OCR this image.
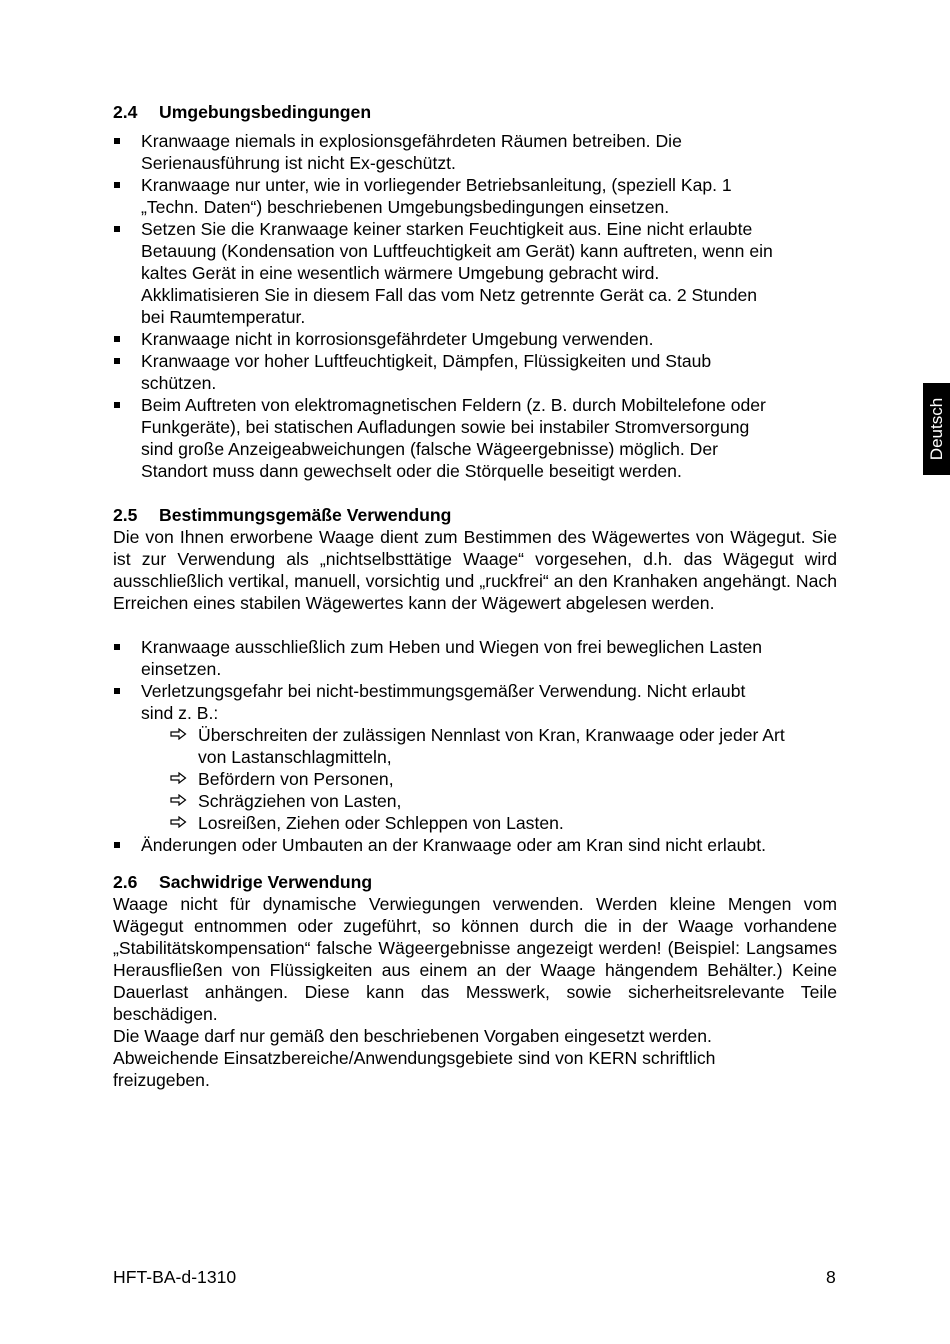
Deutsch
2.4 Umgebungsbedingungen
Kranwaage niemals in explosionsgefährdeten Räumen betreiben. Die
Serienausführung ist nicht Ex-geschützt.
Kranwaage nur unter, wie in vorliegender Betriebsanleitung, (speziell Kap. 1
„Techn. Daten“) beschriebenen Umgebungsbedingungen einsetzen.
Setzen Sie die Kranwaage keiner starken Feuchtigkeit aus. Eine nicht erlaubte
Betauung (Kondensation von Luftfeuchtigkeit am Gerät) kann auftreten, wenn ein
kaltes Gerät in eine wesentlich wärmere Umgebung gebracht wird.
Akklimatisieren Sie in diesem Fall das vom Netz getrennte Gerät ca. 2 Stunden
bei Raumtemperatur.
Kranwaage nicht in korrosionsgefährdeter Umgebung verwenden.
Kranwaage vor hoher Luftfeuchtigkeit, Dämpfen, Flüssigkeiten und Staub
schützen.
Beim Auftreten von elektromagnetischen Feldern (z. B. durch Mobiltelefone oder
Funkgeräte), bei statischen Aufladungen sowie bei instabiler Stromversorgung
sind große Anzeigeabweichungen (falsche Wägeergebnisse) möglich. Der
Standort muss dann gewechselt oder die Störquelle beseitigt werden.
2.5 Bestimmungsgemäße Verwendung

Die von Ihnen erworbene Waage dient zum Bestimmen des Wägewertes von Wägegut. Sie ist zur Verwendung als „nichtselbsttätige Waage“ vorgesehen, d.h. das Wägegut wird ausschließlich vertikal, manuell, vorsichtig und „ruckfrei“ an den Kranhaken angehängt. Nach Erreichen eines stabilen Wägewertes kann der Wägewert abgelesen werden.

Kranwaage ausschließlich zum Heben und Wiegen von frei beweglichen Lasten
einsetzen.
Verletzungsgefahr bei nicht-bestimmungsgemäßer Verwendung. Nicht erlaubt
sind z. B.:
Überschreiten der zulässigen Nennlast von Kran, Kranwaage oder jeder Art
von Lastanschlagmitteln,
Befördern von Personen,
Schrägziehen von Lasten,
Losreißen, Ziehen oder Schleppen von Lasten.
Änderungen oder Umbauten an der Kranwaage oder am Kran sind nicht erlaubt.
2.6 Sachwidrige Verwendung

Waage nicht für dynamische Verwiegungen verwenden. Werden kleine Mengen vom Wägegut entnommen oder zugeführt, so können durch die in der Waage vorhandene „Stabilitätskompensation“ falsche Wägeergebnisse angezeigt werden! (Beispiel: Langsames Herausfließen von Flüssigkeiten aus einem an der Waage hängendem Behälter.) Keine Dauerlast anhängen. Diese kann das Messwerk, sowie sicherheitsrelevante Teile beschädigen.

Die Waage darf nur gemäß den beschriebenen Vorgaben eingesetzt werden.
Abweichende Einsatzbereiche/Anwendungsgebiete sind von KERN schriftlich
freizugeben.

HFT-BA-d-1310	8
